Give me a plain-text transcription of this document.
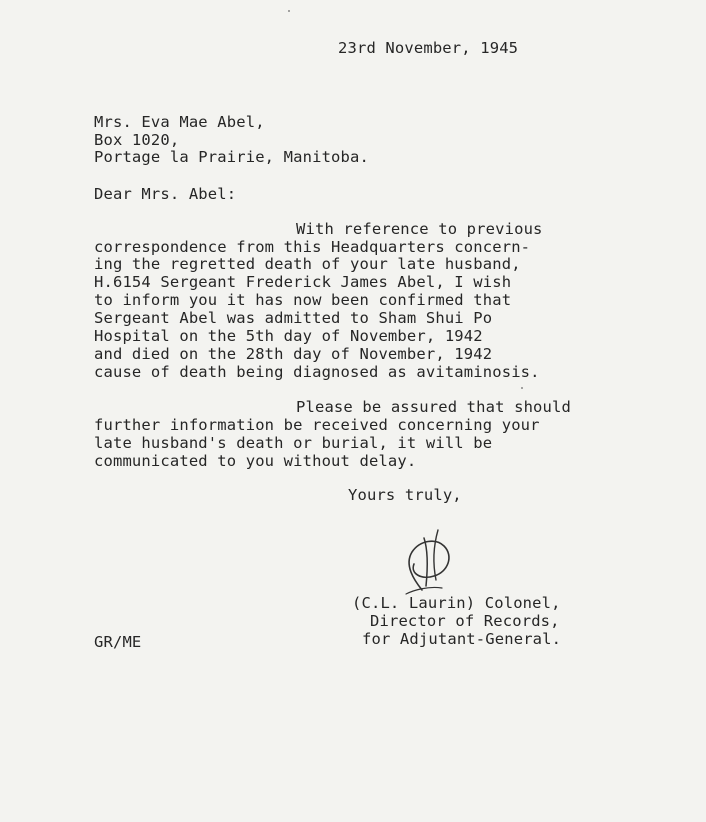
23rd November, 1945
Mrs. Eva Mae Abel,
Box 1020,
Portage la Prairie, Manitoba.
Dear Mrs. Abel:
With reference to previous
correspondence from this Headquarters concern-
ing the regretted death of your late husband,
H.6154 Sergeant Frederick James Abel, I wish
to inform you it has now been confirmed that
Sergeant Abel was admitted to Sham Shui Po
Hospital on the 5th day of November, 1942
and died on the 28th day of November, 1942
cause of death being diagnosed as avitaminosis.
Please be assured that should
further information be received concerning your
late husband's death or burial, it will be
communicated to you without delay.
Yours truly,
(C.L. Laurin) Colonel,
Director of Records,
for Adjutant-General.
GR/ME
